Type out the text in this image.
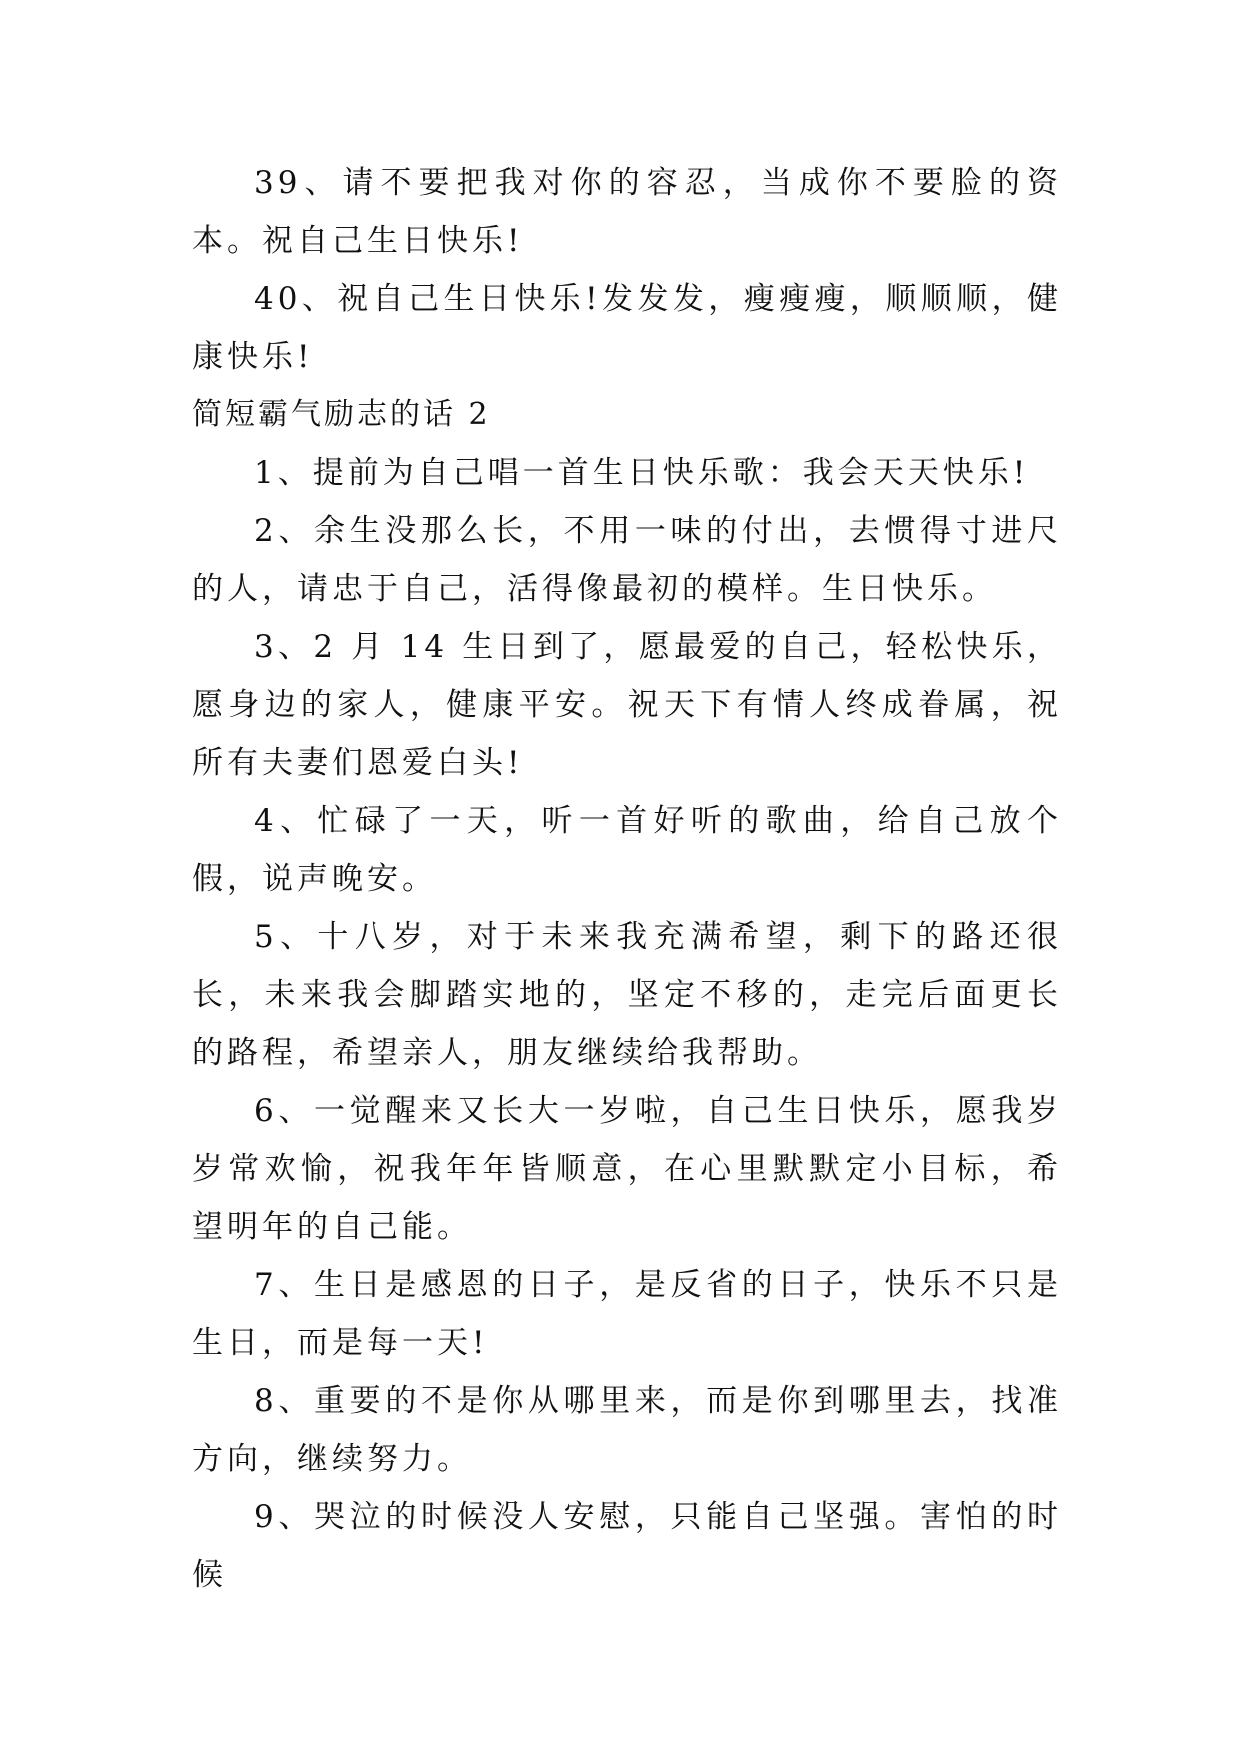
39、请不要把我对你的容忍，当成你不要脸的资本。祝自己生日快乐!

40、祝自己生日快乐!发发发，瘦瘦瘦，顺顺顺，健康快乐!

简短霸气励志的话 2

1、提前为自己唱一首生日快乐歌：我会天天快乐!

2、余生没那么长，不用一味的付出，去惯得寸进尺的人，请忠于自己，活得像最初的模样。生日快乐。

3、2 月 14 生日到了，愿最爱的自己，轻松快乐，愿身边的家人，健康平安。祝天下有情人终成眷属，祝所有夫妻们恩爱白头!

4、忙碌了一天，听一首好听的歌曲，给自己放个假，说声晚安。

5、十八岁，对于未来我充满希望，剩下的路还很长，未来我会脚踏实地的，坚定不移的，走完后面更长的路程，希望亲人，朋友继续给我帮助。

6、一觉醒来又长大一岁啦，自己生日快乐，愿我岁岁常欢愉，祝我年年皆顺意，在心里默默定小目标，希望明年的自己能。

7、生日是感恩的日子，是反省的日子，快乐不只是生日，而是每一天!

8、重要的不是你从哪里来，而是你到哪里去，找准方向，继续努力。

9、哭泣的时候没人安慰，只能自己坚强。害怕的时候
